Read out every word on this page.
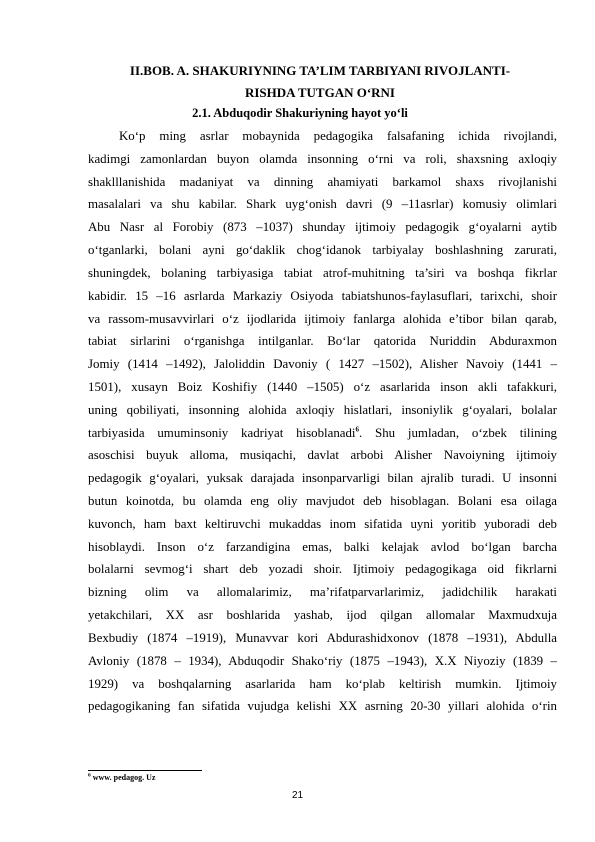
II.BOB. A. SHAKURIYNING TA’LIM TARBIYANI RIVOJLANTI-
RISHDA TUTGAN O‘RNI
2.1. Abduqodir Shakuriyning hayot yo‘li
Ko‘p ming asrlar mobaynida pedagogika falsafaning ichida rivojlandi,
kadimgi zamonlardan buyon olamda insonning o‘rni va roli, shaxsning axloqiy
shaklllanishida madaniyat va dinning ahamiyati barkamol shaxs rivojlanishi
masalalari va shu kabilar. Shark uyg‘onish davri (9 –11asrlar) komusiy olimlari
Abu Nasr al Forobiy (873 –1037) shunday ijtimoiy pedagogik g‘oyalarni aytib
o‘tganlarki, bolani ayni go‘daklik chog‘idanok tarbiyalay boshlashning zarurati,
shuningdek, bolaning tarbiyasiga tabiat atrof-muhitning ta’siri va boshqa fikrlar
kabidir. 15 –16 asrlarda Markaziy Osiyoda tabiatshunos-faylasuflari, tarixchi, shoir
va rassom-musavvirlari o‘z ijodlarida ijtimoiy fanlarga alohida e’tibor bilan qarab,
tabiat sirlarini o‘rganishga intilganlar. Bo‘lar qatorida Nuriddin Abduraxmon
Jomiy (1414 –1492), Jaloliddin Davoniy ( 1427 –1502), Alisher Navoiy (1441 –
1501), xusayn Boiz Koshifiy (1440 –1505) o‘z asarlarida inson akli tafakkuri,
uning qobiliyati, insonning alohida axloqiy hislatlari, insoniylik g‘oyalari, bolalar
tarbiyasida umuminsoniy kadriyat hisoblanadi$^6$. Shu jumladan, o‘zbek tilining
asoschisi buyuk alloma, musiqachi, davlat arbobi Alisher Navoiyning ijtimoiy
pedagogik g‘oyalari, yuksak darajada insonparvarligi bilan ajralib turadi. U insonni
butun koinotda, bu olamda eng oliy mavjudot deb hisoblagan. Bolani esa oilaga
kuvonch, ham baxt keltiruvchi mukaddas inom sifatida uyni yoritib yuboradi deb
hisoblaydi. Inson o‘z farzandigina emas, balki kelajak avlod bo‘lgan barcha
bolalarni sevmog‘i shart deb yozadi shoir. Ijtimoiy pedagogikaga oid fikrlarni
bizning olim va allomalarimiz, ma’rifatparvarlarimiz, jadidchilik harakati
yetakchilari, XX asr boshlarida yashab, ijod qilgan allomalar Maxmudxuja
Bexbudiy (1874 –1919), Munavvar kori Abdurashidxonov (1878 –1931), Abdulla
Avloniy (1878 – 1934), Abduqodir Shako‘riy (1875 –1943), X.X Niyoziy (1839 –
1929) va boshqalarning asarlarida ham ko‘plab keltirish mumkin. Ijtimoiy
pedagogikaning fan sifatida vujudga kelishi XX asrning 20-30 yillari alohida o‘rin
$^6$ www. pedagog. Uz
21
